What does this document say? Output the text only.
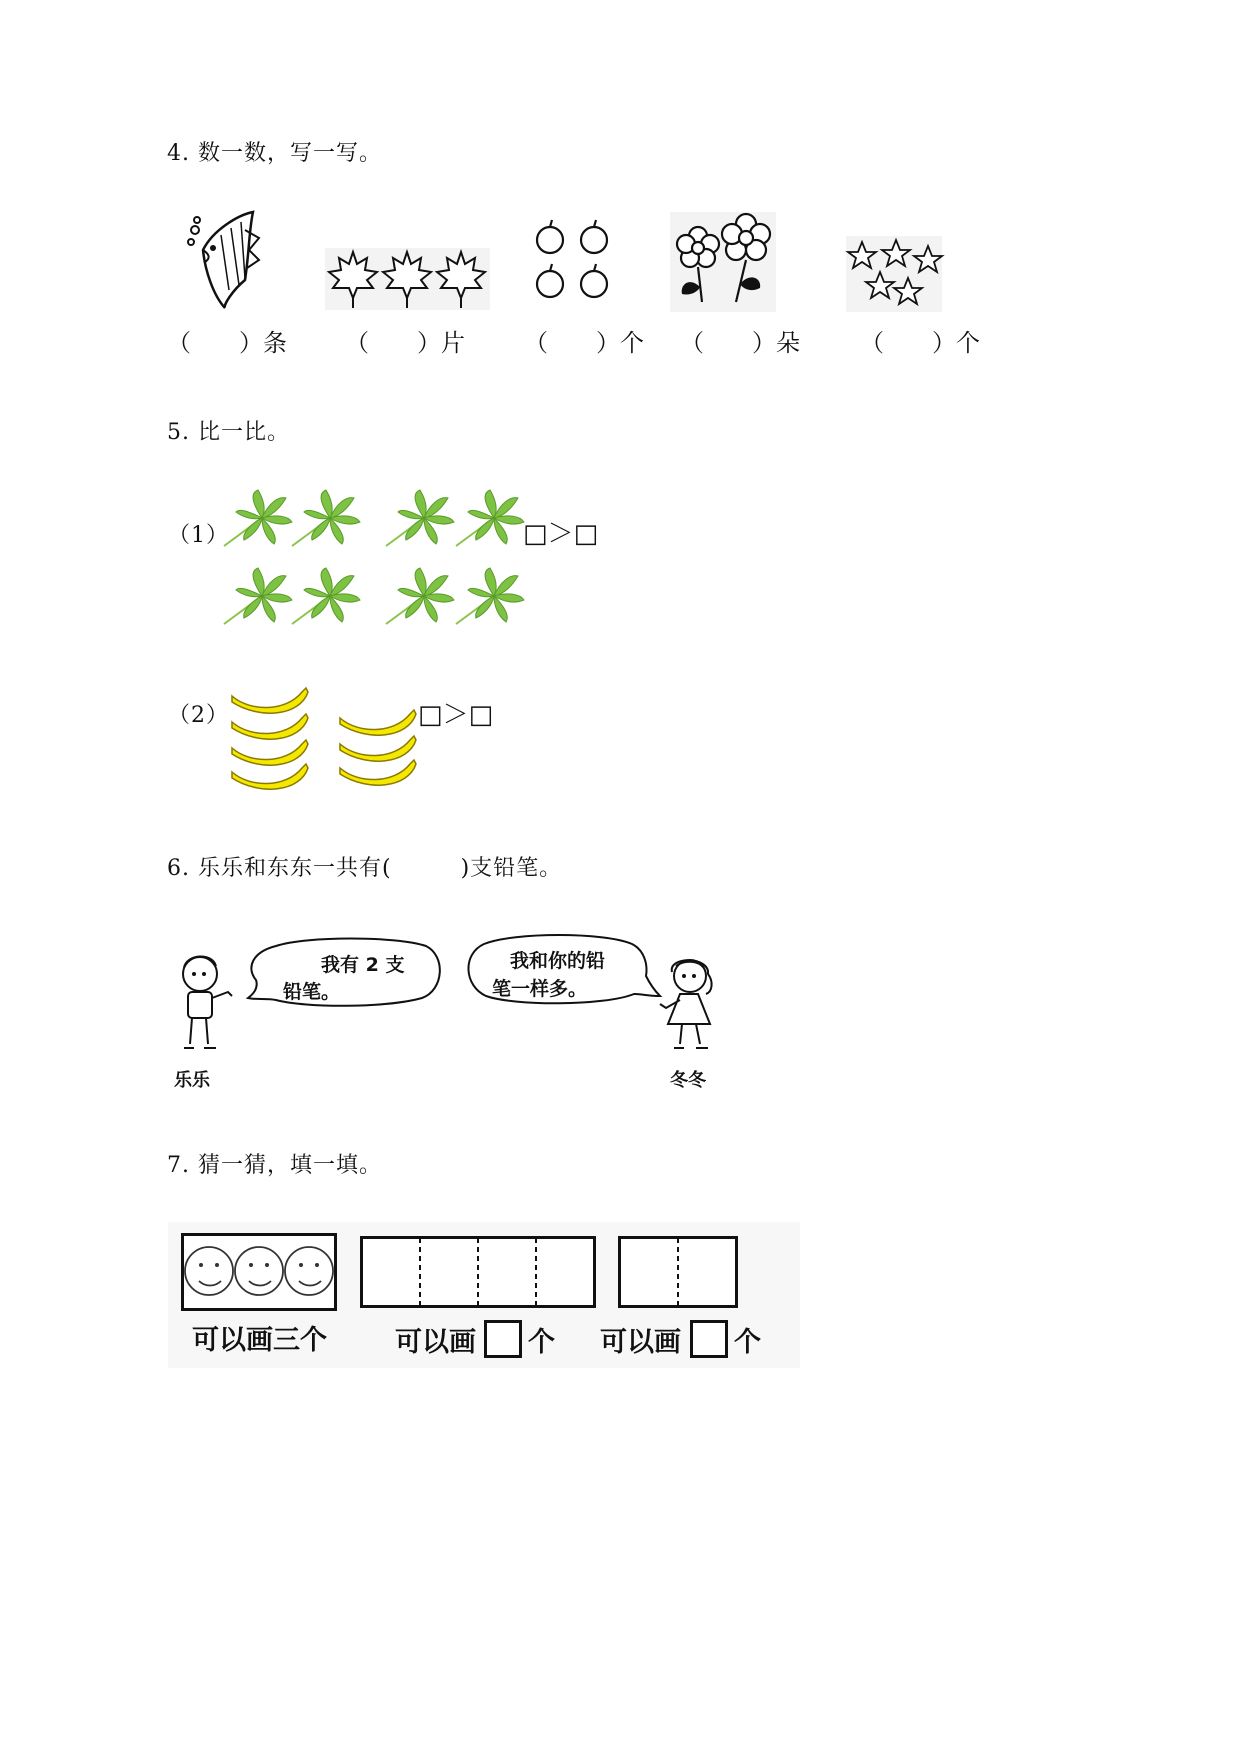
4. 数一数，写一写。
（　　）条 （　　）片 （　　）个 （　　）朵	（　　）个
5. 比一比。
（1）	□＞□
（2）	□＞□
6. 乐乐和东东一共有(　　　)支铅笔。
乐乐
我有 2 支
铅笔。
我和你的铅
笔一样多。
冬冬
7. 猜一猜，填一填。
可以画三个	可以画 个 可以画 个
